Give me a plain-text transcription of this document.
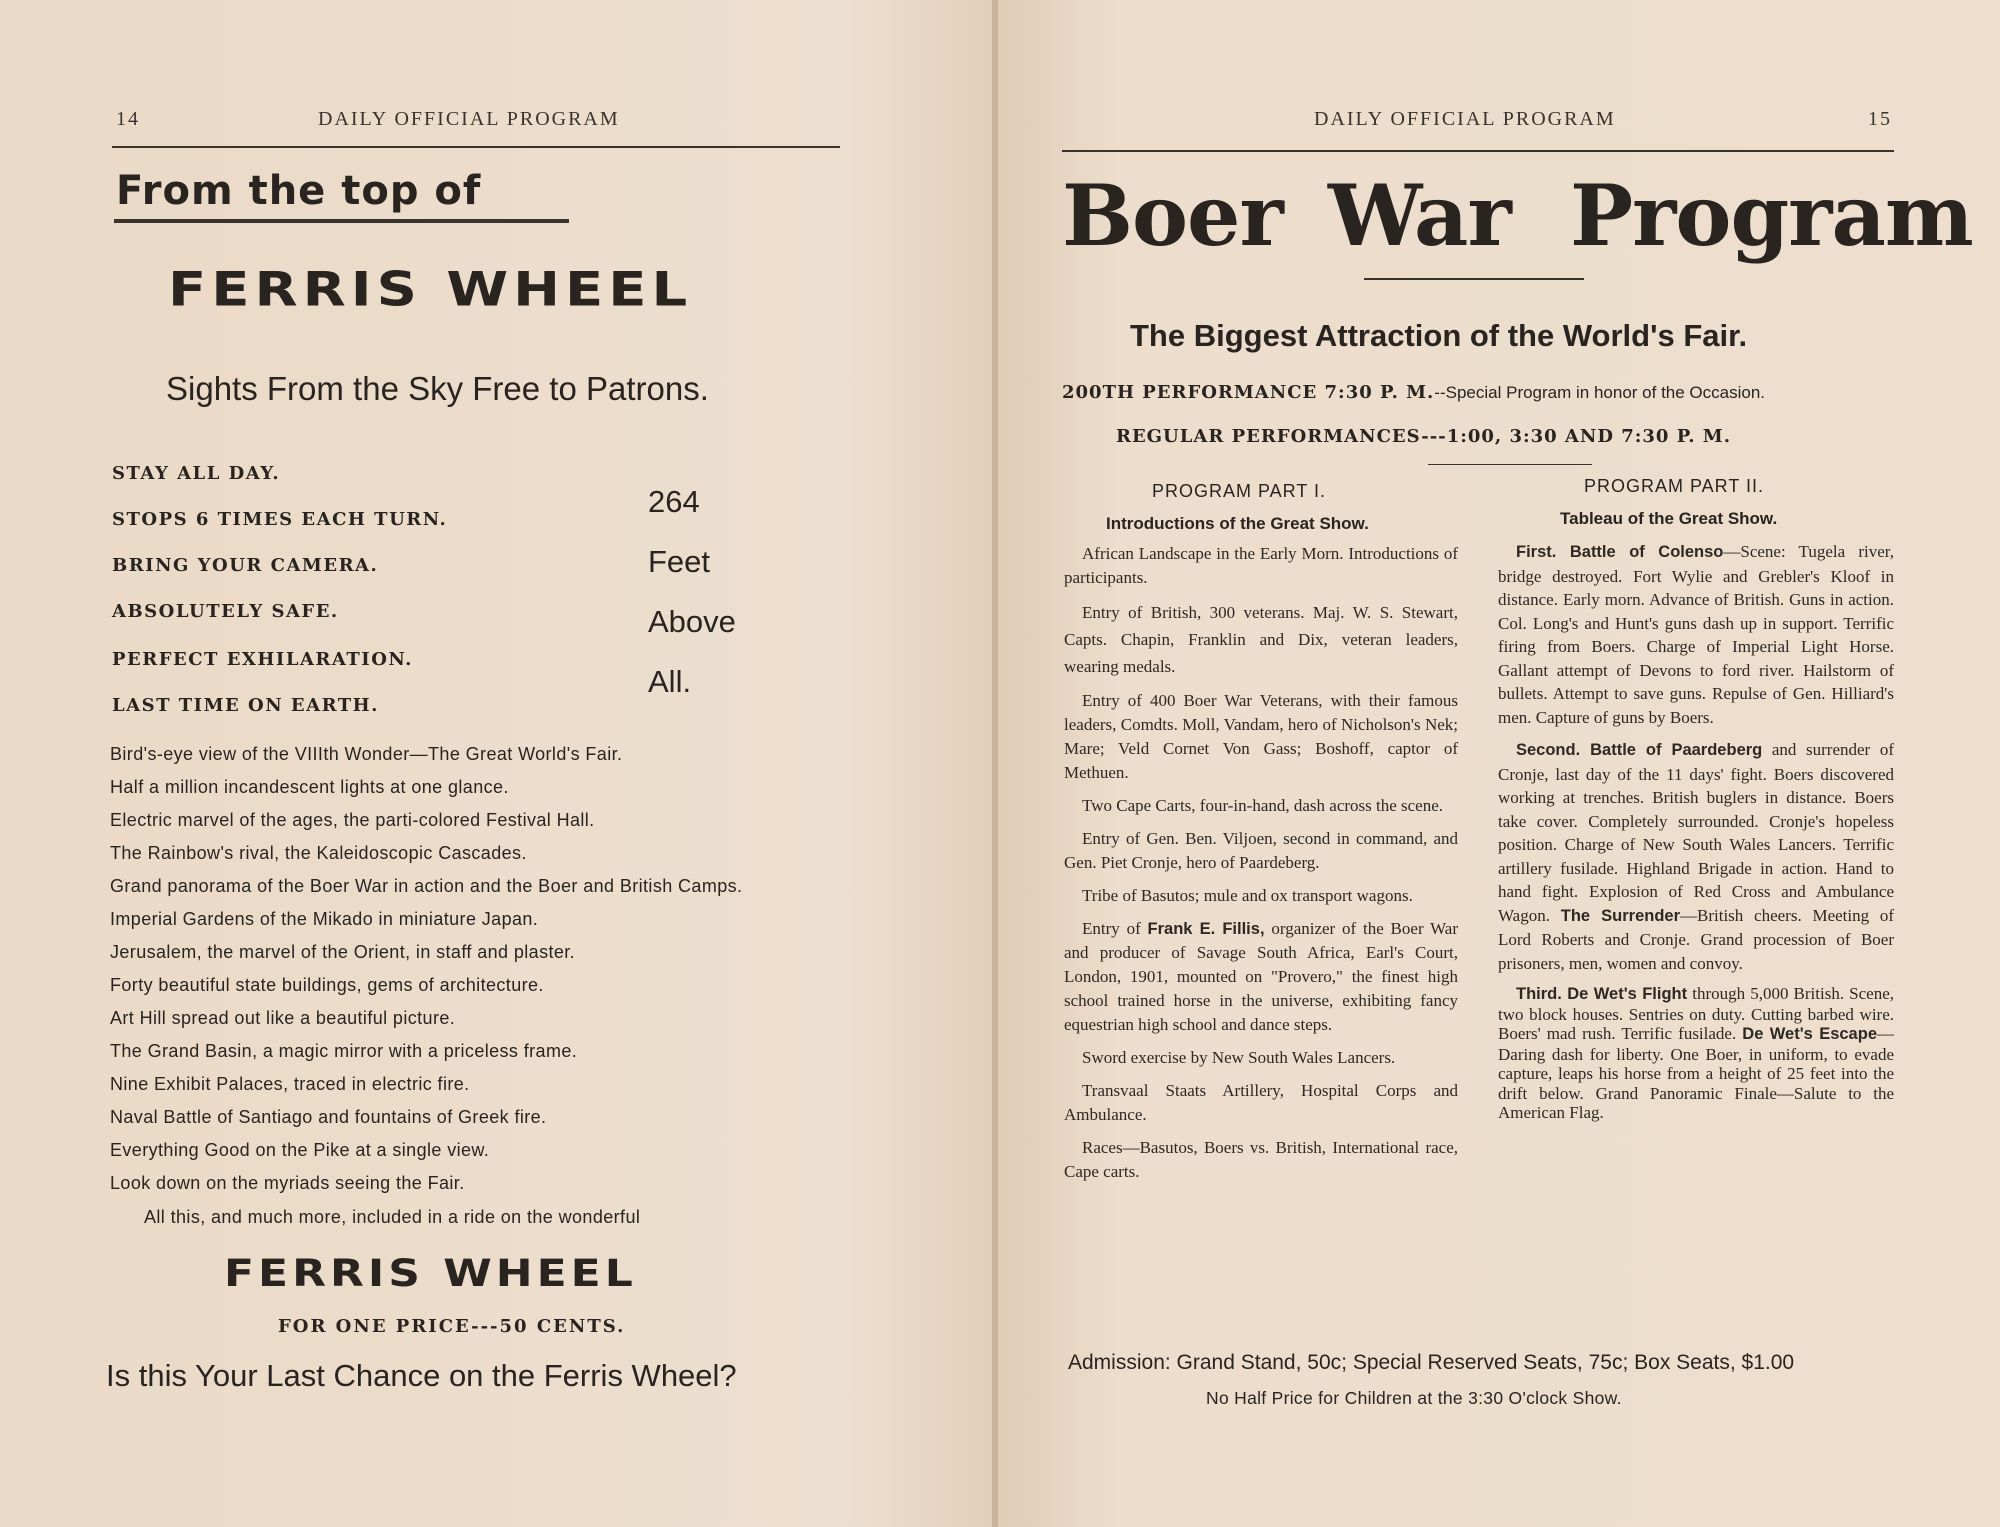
14	DAILY OFFICIAL PROGRAM
From the top of
FERRIS WHEEL
Sights From the Sky Free to Patrons.
STAY ALL DAY.
STOPS 6 TIMES EACH TURN.
BRING YOUR CAMERA.
ABSOLUTELY SAFE.
PERFECT EXHILARATION.
LAST TIME ON EARTH.
264
Feet
Above
All.
Bird's-eye view of the VIIIth Wonder—The Great World's Fair.
Half a million incandescent lights at one glance.
Electric marvel of the ages, the parti-colored Festival Hall.
The Rainbow's rival, the Kaleidoscopic Cascades.
Grand panorama of the Boer War in action and the Boer and British Camps.
Imperial Gardens of the Mikado in miniature Japan.
Jerusalem, the marvel of the Orient, in staff and plaster.
Forty beautiful state buildings, gems of architecture.
Art Hill spread out like a beautiful picture.
The Grand Basin, a magic mirror with a priceless frame.
Nine Exhibit Palaces, traced in electric fire.
Naval Battle of Santiago and fountains of Greek fire.
Everything Good on the Pike at a single view.
Look down on the myriads seeing the Fair.
All this, and much more, included in a ride on the wonderful
FERRIS WHEEL
FOR ONE PRICE---50 CENTS.
Is this Your Last Chance on the Ferris Wheel?
DAILY OFFICIAL PROGRAM	15
Boer War Program
The Biggest Attraction of the World's Fair.
200TH PERFORMANCE 7:30 P. M.--Special Program in honor of the Occasion.
REGULAR PERFORMANCES---1:00, 3:30 AND 7:30 P. M.
PROGRAM PART I.
Introductions of the Great Show.

African Landscape in the Early Morn. Introductions of participants.

Entry of British, 300 veterans. Maj. W. S. Stewart, Capts. Chapin, Franklin and Dix, veteran leaders, wearing medals.

Entry of 400 Boer War Veterans, with their famous leaders, Comdts. Moll, Vandam, hero of Nicholson's Nek; Mare; Veld Cornet Von Gass; Boshoff, captor of Methuen.

Two Cape Carts, four-in-hand, dash across the scene.

Entry of Gen. Ben. Viljoen, second in command, and Gen. Piet Cronje, hero of Paardeberg.

Tribe of Basutos; mule and ox transport wagons.

Entry of Frank E. Fillis, organizer of the Boer War and producer of Savage South Africa, Earl's Court, London, 1901, mounted on "Provero," the finest high school trained horse in the universe, exhibiting fancy equestrian high school and dance steps.

Sword exercise by New South Wales Lancers.

Transvaal Staats Artillery, Hospital Corps and Ambulance.

Races—Basutos, Boers vs. British, International race, Cape carts.

PROGRAM PART II.
Tableau of the Great Show.

First. Battle of Colenso—Scene: Tugela river, bridge destroyed. Fort Wylie and Grebler's Kloof in distance. Early morn. Advance of British. Guns in action. Col. Long's and Hunt's guns dash up in support. Terrific firing from Boers. Charge of Imperial Light Horse. Gallant attempt of Devons to ford river. Hailstorm of bullets. Attempt to save guns. Repulse of Gen. Hilliard's men. Capture of guns by Boers.

Second. Battle of Paardeberg and surrender of Cronje, last day of the 11 days' fight. Boers discovered working at trenches. British buglers in distance. Boers take cover. Completely surrounded. Cronje's hopeless position. Charge of New South Wales Lancers. Terrific artillery fusilade. Highland Brigade in action. Hand to hand fight. Explosion of Red Cross and Ambulance Wagon. The Surrender—British cheers. Meeting of Lord Roberts and Cronje. Grand procession of Boer prisoners, men, women and convoy.

Third. De Wet's Flight through 5,000 British. Scene, two block houses. Sentries on duty. Cutting barbed wire. Boers' mad rush. Terrific fusilade. De Wet's Escape—Daring dash for liberty. One Boer, in uniform, to evade capture, leaps his horse from a height of 25 feet into the drift below. Grand Panoramic Finale—Salute to the American Flag.

Admission: Grand Stand, 50c; Special Reserved Seats, 75c; Box Seats, $1.00
No Half Price for Children at the 3:30 O'clock Show.
